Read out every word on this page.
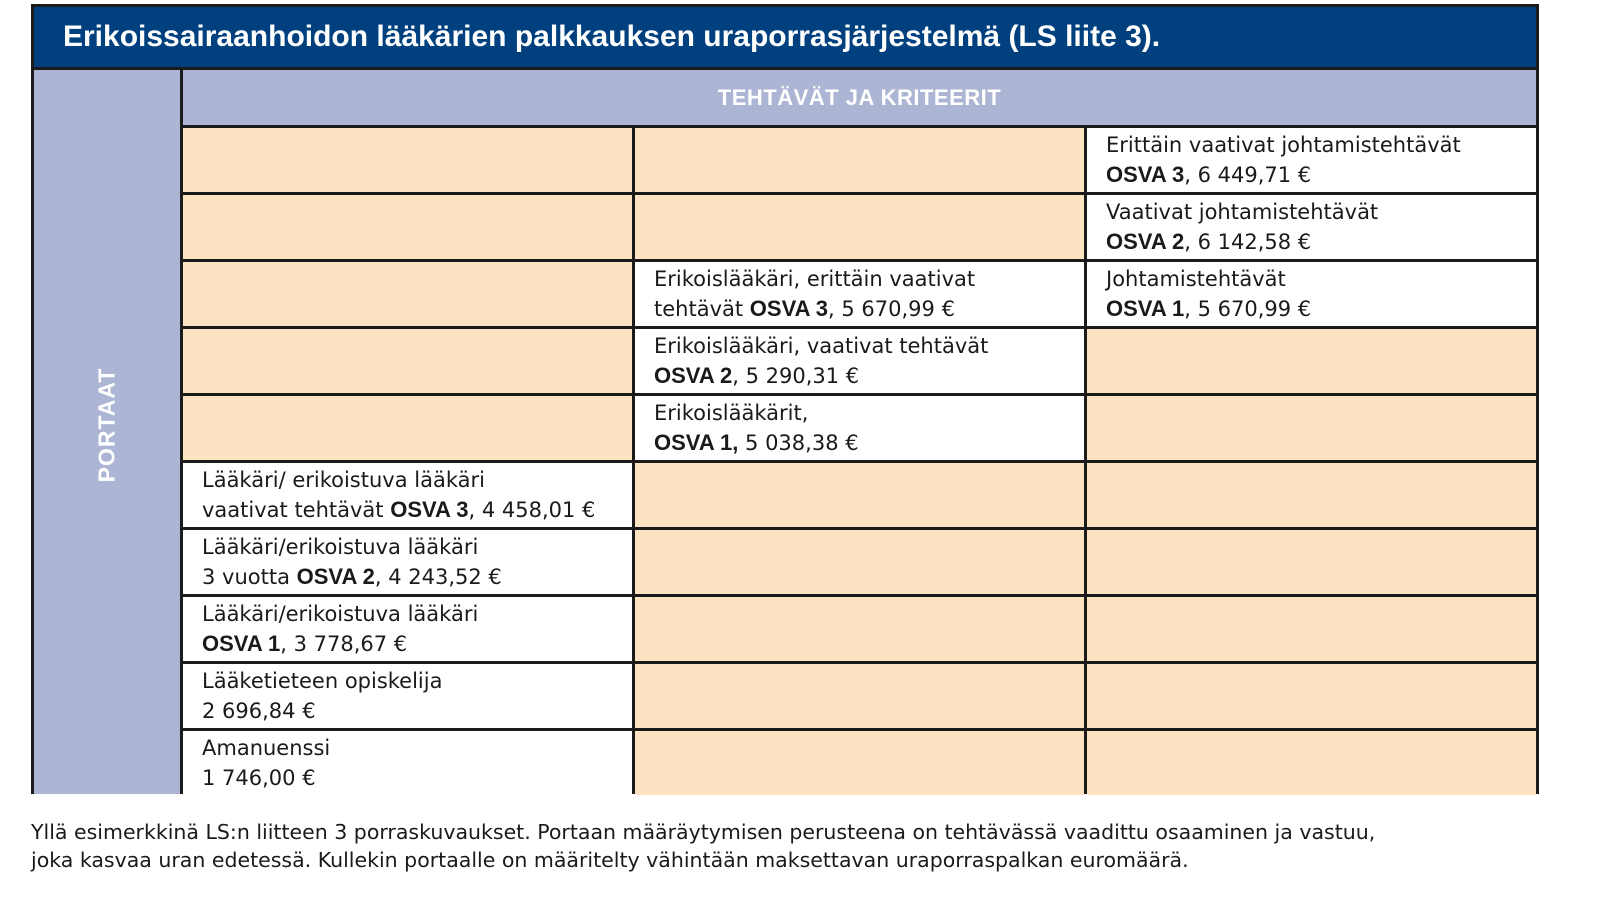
Erikoissairaanhoidon lääkärien palkkauksen uraporrasjärjestelmä (LS liite 3).
PORTAAT
TEHTÄVÄT JA KRITEERIT
Erittäin vaativat johtamistehtävät
OSVA 3, 6 449,71 €
Vaativat johtamistehtävät
OSVA 2, 6 142,58 €
Erikoislääkäri, erittäin vaativat
tehtävät OSVA 3, 5 670,99 €
Johtamistehtävät
OSVA 1, 5 670,99 €
Erikoislääkäri, vaativat tehtävät
OSVA 2, 5 290,31 €
Erikoislääkärit,
OSVA 1, 5 038,38 €
Lääkäri/ erikoistuva lääkäri
vaativat tehtävät OSVA 3, 4 458,01 €
Lääkäri/erikoistuva lääkäri
3 vuotta OSVA 2, 4 243,52 €
Lääkäri/erikoistuva lääkäri
OSVA 1, 3 778,67 €
Lääketieteen opiskelija
2 696,84 €
Amanuenssi
1 746,00 €
Yllä esimerkkinä LS:n liitteen 3 porraskuvaukset. Portaan määräytymisen perusteena on tehtävässä vaadittu osaaminen ja vastuu,
joka kasvaa uran edetessä. Kullekin portaalle on määritelty vähintään maksettavan uraporraspalkan euromäärä.
